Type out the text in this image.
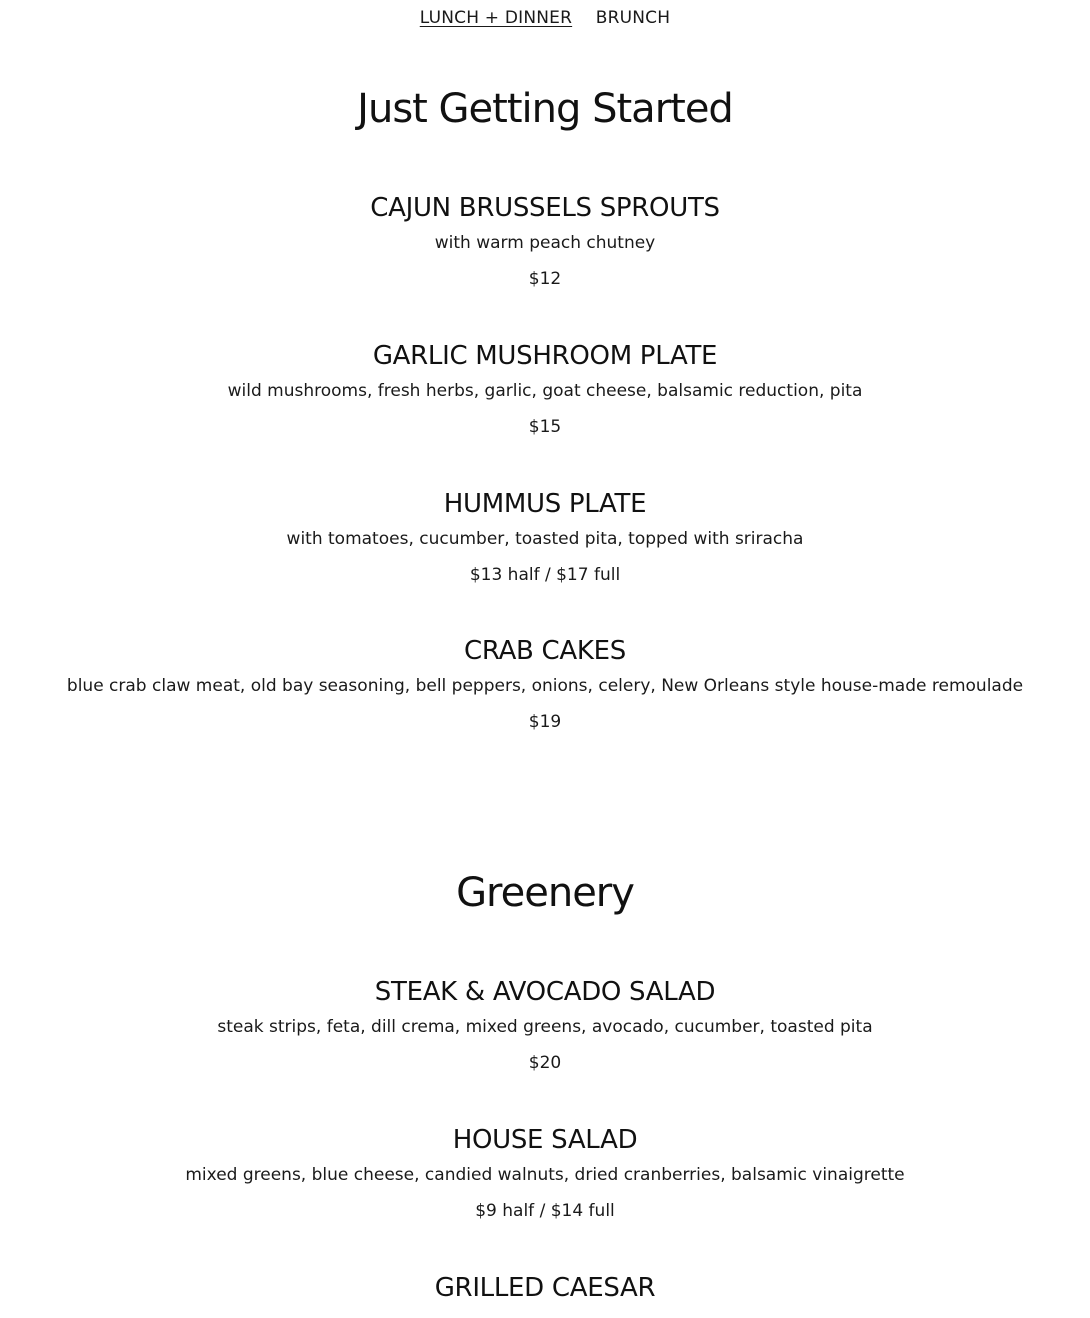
LUNCH + DINNER BRUNCH
Just Getting Started
CAJUN BRUSSELS SPROUTS
with warm peach chutney
$12
GARLIC MUSHROOM PLATE
wild mushrooms, fresh herbs, garlic, goat cheese, balsamic reduction, pita
$15
HUMMUS PLATE
with tomatoes, cucumber, toasted pita, topped with sriracha
$13 half / $17 full
CRAB CAKES
blue crab claw meat, old bay seasoning, bell peppers, onions, celery, New Orleans style house-made remoulade
$19
Greenery
STEAK & AVOCADO SALAD
steak strips, feta, dill crema, mixed greens, avocado, cucumber, toasted pita
$20
HOUSE SALAD
mixed greens, blue cheese, candied walnuts, dried cranberries, balsamic vinaigrette
$9 half / $14 full
GRILLED CAESAR
